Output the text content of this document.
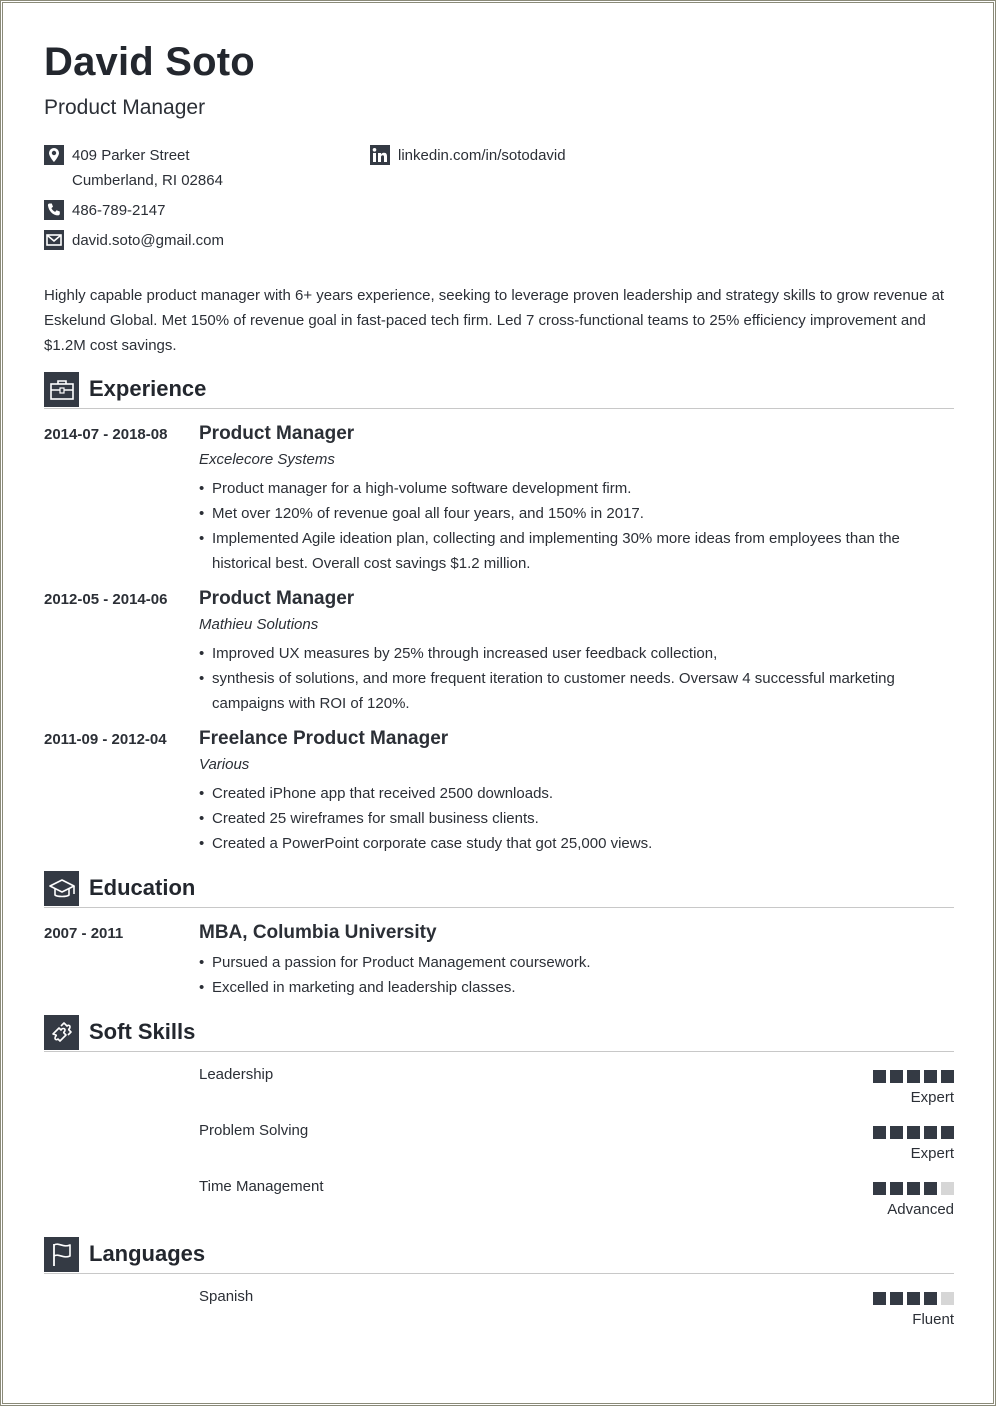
David Soto
Product Manager
409 Parker Street
Cumberland, RI 02864
linkedin.com/in/sotodavid
486-789-2147
david.soto@gmail.com
Highly capable product manager with 6+ years experience, seeking to leverage proven leadership and strategy skills to grow revenue at Eskelund Global. Met 150% of revenue goal in fast-paced tech firm. Led 7 cross-functional teams to 25% efficiency improvement and $1.2M cost savings.
Experience
2014-07 - 2018-08 Product Manager
Excelecore Systems
• Product manager for a high-volume software development firm.
• Met over 120% of revenue goal all four years, and 150% in 2017.
• Implemented Agile ideation plan, collecting and implementing 30% more ideas from employees than the historical best. Overall cost savings $1.2 million.
2012-05 - 2014-06 Product Manager
Mathieu Solutions
• Improved UX measures by 25% through increased user feedback collection,
• synthesis of solutions, and more frequent iteration to customer needs. Oversaw 4 successful marketing campaigns with ROI of 120%.
2011-09 - 2012-04 Freelance Product Manager
Various
• Created iPhone app that received 2500 downloads.
• Created 25 wireframes for small business clients.
• Created a PowerPoint corporate case study that got 25,000 views.
Education
2007 - 2011	MBA, Columbia University
• Pursued a passion for Product Management coursework.
• Excelled in marketing and leadership classes.
Soft Skills
Leadership
Expert
Problem Solving
Expert
Time Management
Advanced
Languages
Spanish
Fluent
